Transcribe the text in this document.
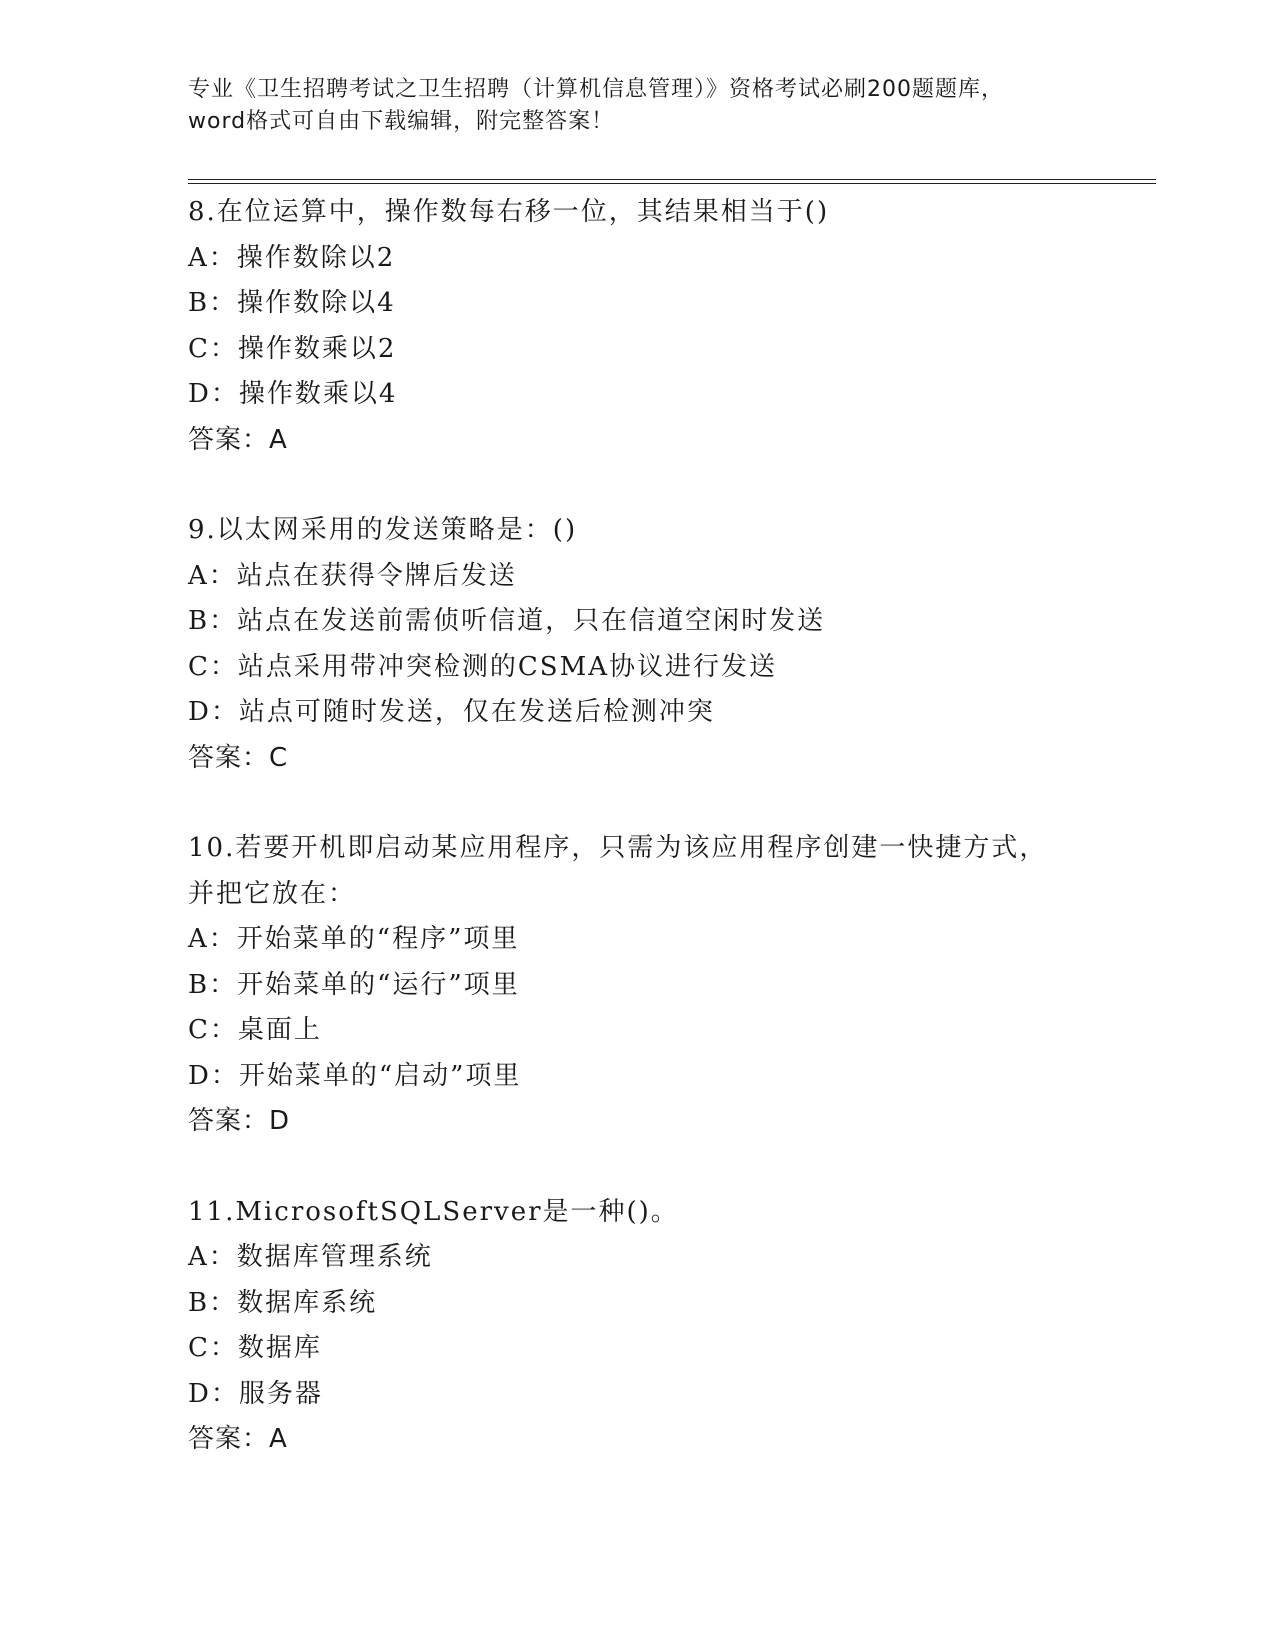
专业《卫生招聘考试之卫生招聘（计算机信息管理）》资格考试必刷200题题库，
word格式可自由下载编辑，附完整答案！
8.在位运算中，操作数每右移一位，其结果相当于()
A：操作数除以2
B：操作数除以4
C：操作数乘以2
D：操作数乘以4
答案：A
9.以太网采用的发送策略是：()
A：站点在获得令牌后发送
B：站点在发送前需侦听信道，只在信道空闲时发送
C：站点采用带冲突检测的CSMA协议进行发送
D：站点可随时发送，仅在发送后检测冲突
答案：C
10.若要开机即启动某应用程序，只需为该应用程序创建一快捷方式，
并把它放在：
A：开始菜单的“程序”项里
B：开始菜单的“运行”项里
C：桌面上
D：开始菜单的“启动”项里
答案：D
11.MicrosoftSQLServer是一种()。
A：数据库管理系统
B：数据库系统
C：数据库
D：服务器
答案：A
